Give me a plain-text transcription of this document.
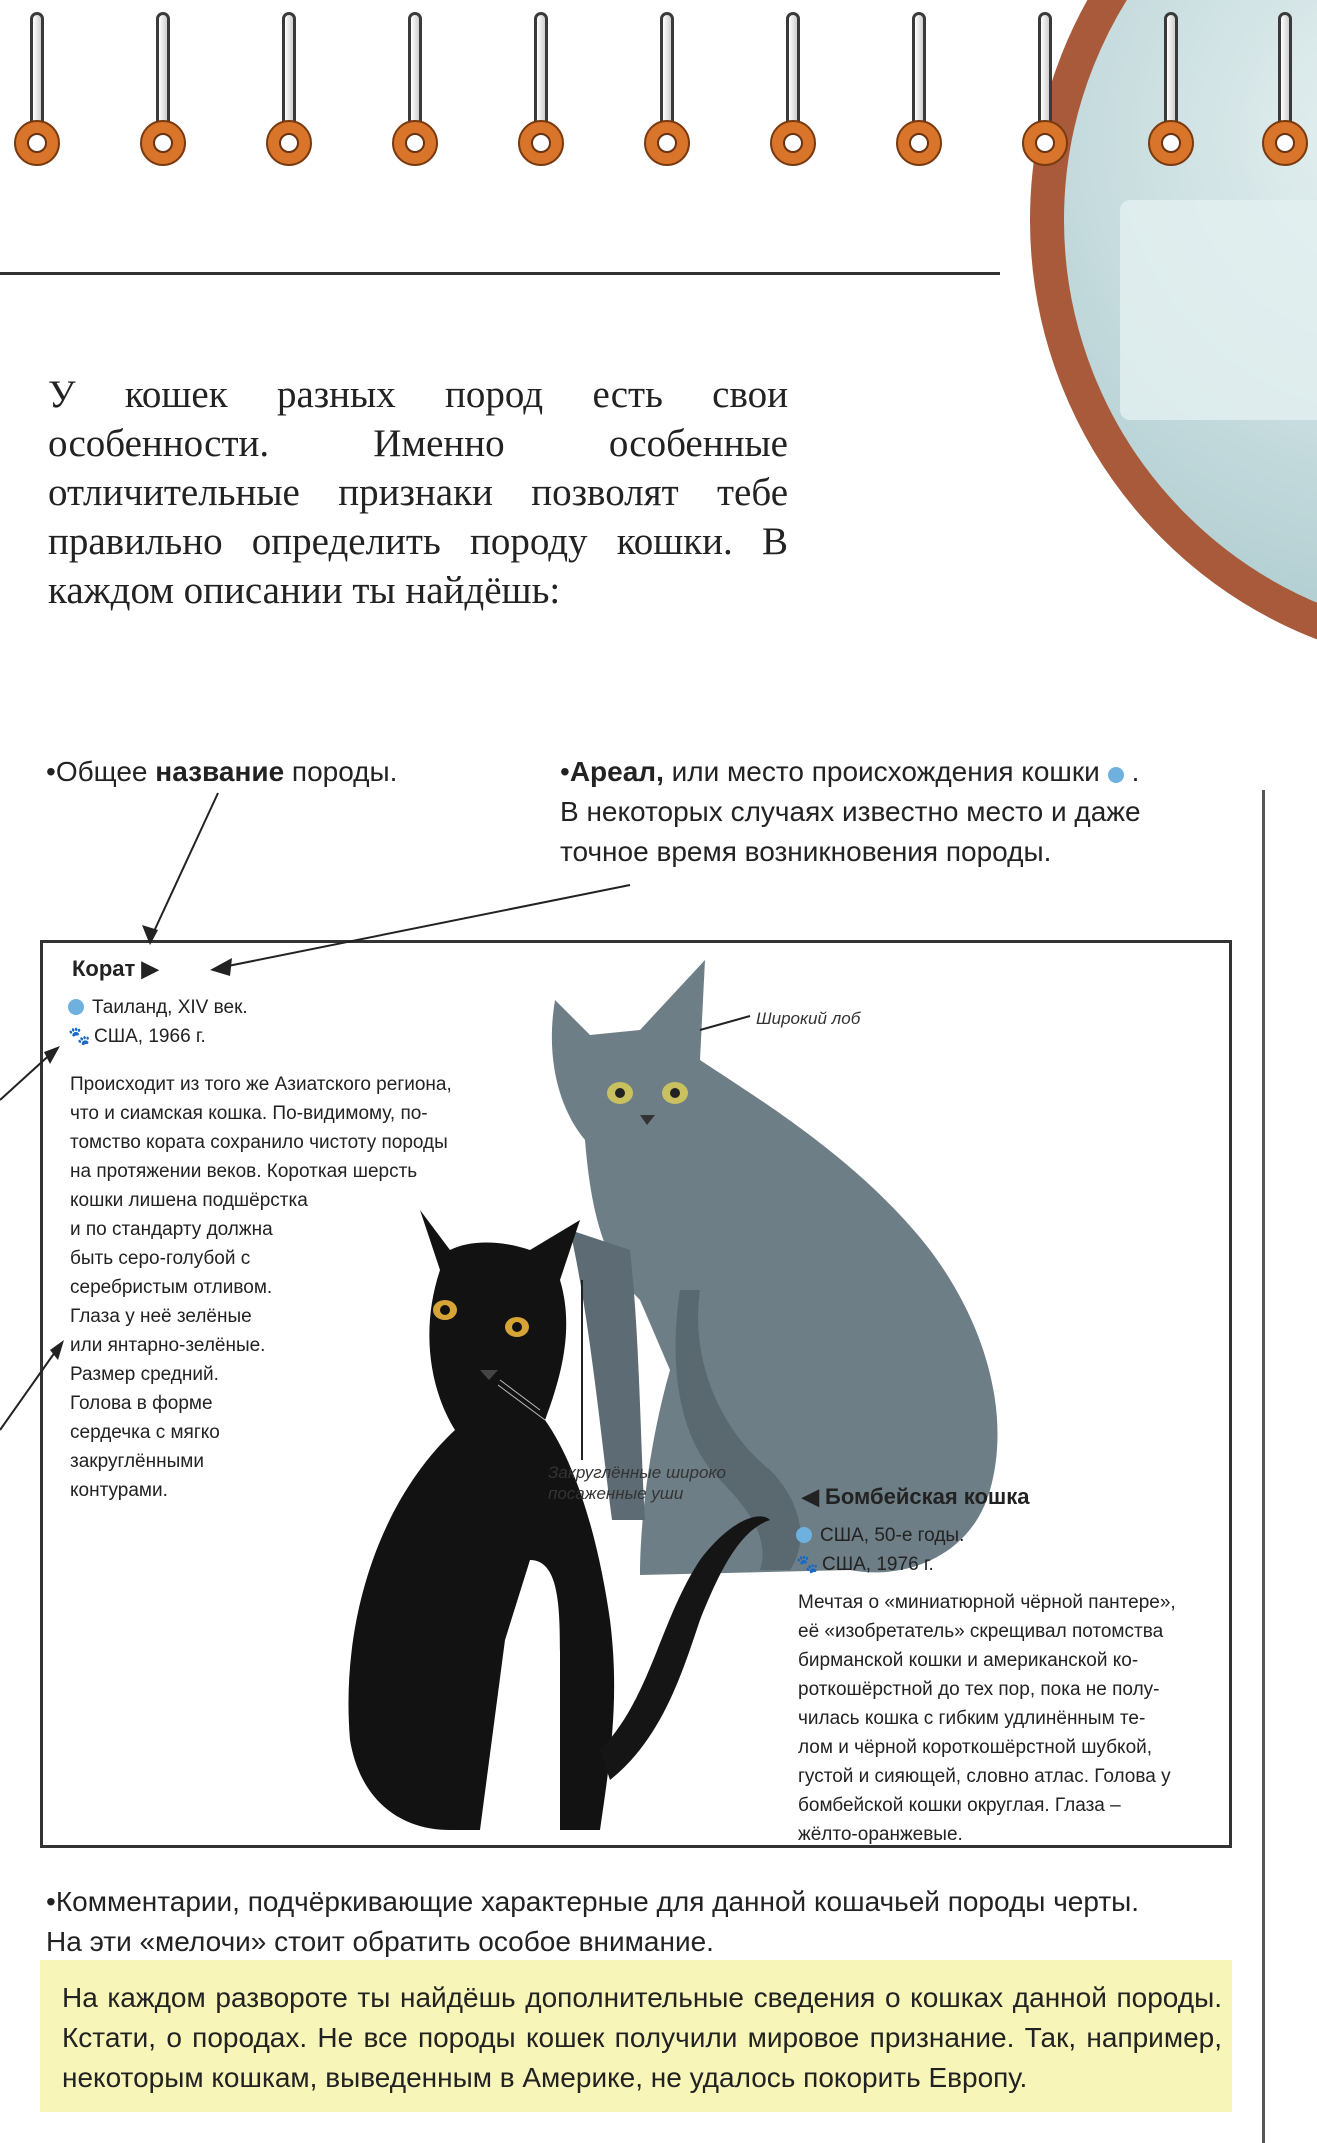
У кошек разных пород есть свои особенности. Именно особенные отличительные признаки позволят тебе правильно определить породу кошки. В каждом описании ты найдёшь:
•Общее название породы.	•Ареал, или место происхождения кошки .
В некоторых случаях известно место и даже
точное время возникновения породы.
Корат ▶
Таиланд, XIV век.
🐾 США, 1966 г.
Происходит из того же Азиатского региона,
что и сиамская кошка. По-видимому, по-
томство кората сохранило чистоту породы
на протяжении веков. Короткая шерсть
кошки лишена подшёрстка
и по стандарту должна
быть серо-голубой с
серебристым отливом.
Глаза у неё зелёные
или янтарно-зелёные.
Размер средний.
Голова в форме
сердечка с мягко
закруглёнными
контурами.
Широкий лоб
Закруглённые широко
посаженные уши	◀ Бомбейская кошка
США, 50-е годы.
🐾 США, 1976 г.
Мечтая о «миниатюрной чёрной пантере»,
её «изобретатель» скрещивал потомства
бирманской кошки и американской ко-
роткошёрстной до тех пор, пока не полу-
чилась кошка с гибким удлинённым те-
лом и чёрной короткошёрстной шубкой,
густой и сияющей, словно атлас. Голова у
бомбейской кошки округлая. Глаза –
жёлто-оранжевые.
•Комментарии, подчёркивающие характерные для данной кошачьей породы черты.
На эти «мелочи» стоит обратить особое внимание.
На каждом развороте ты найдёшь дополнительные сведения о кошках данной породы. Кстати, о породах. Не все породы кошек получили мировое признание. Так, например, некоторым кошкам, выведенным в Америке, не удалось покорить Европу.
